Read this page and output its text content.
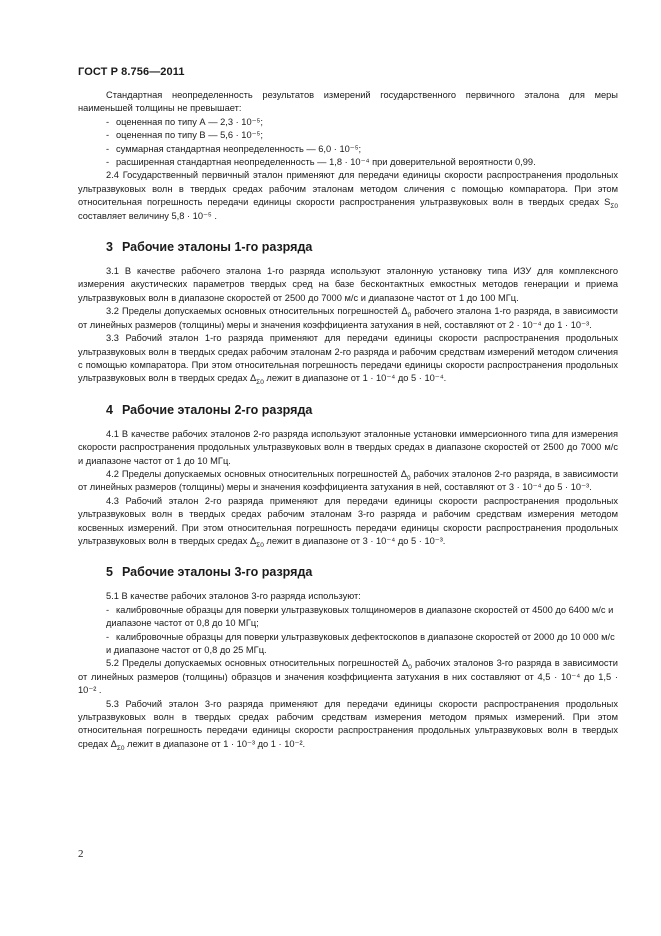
ГОСТ Р 8.756—2011

Стандартная неопределенность результатов измерений государственного первичного эталона для меры наименьшей толщины не превышает:

- оцененная по типу А — 2,3 · 10⁻⁵;
- оцененная по типу В — 5,6 · 10⁻⁵;
- суммарная стандартная неопределенность — 6,0 · 10⁻⁵;
- расширенная стандартная неопределенность — 1,8 · 10⁻⁴ при доверительной вероятности 0,99.

2.4 Государственный первичный эталон применяют для передачи единицы скорости распространения продольных ультразвуковых волн в твердых средах рабочим эталонам методом сличения с помощью компаратора. При этом относительная погрешность передачи единицы скорости распространения ультразвуковых волн в твердых средах $S_{\Sigma 0}$ составляет величину 5,8 · 10⁻⁵ .

3 Рабочие эталоны 1-го разряда

3.1 В качестве рабочего эталона 1-го разряда используют эталонную установку типа ИЗУ для комплексного измерения акустических параметров твердых сред на базе бесконтактных емкостных методов генерации и приема ультразвуковых волн в диапазоне скоростей от 2500 до 7000 м/с и диапазоне частот от 1 до 100 МГц.

3.2 Пределы допускаемых основных относительных погрешностей $\Delta_0$ рабочего эталона 1-го разряда, в зависимости от линейных размеров (толщины) меры и значения коэффициента затухания в ней, составляют от 2 · 10⁻⁴ до 1 · 10⁻³.

3.3 Рабочий эталон 1-го разряда применяют для передачи единицы скорости распространения продольных ультразвуковых волн в твердых средах рабочим эталонам 2-го разряда и рабочим средствам измерений методом сличения с помощью компаратора. При этом относительная погрешность передачи единицы скорости распространения продольных ультразвуковых волн в твердых средах $\Delta_{\Sigma 0}$ лежит в диапазоне от 1 · 10⁻⁴ до 5 · 10⁻⁴.

4 Рабочие эталоны 2-го разряда

4.1 В качестве рабочих эталонов 2-го разряда используют эталонные установки иммерсионного типа для измерения скорости распространения продольных ультразвуковых волн в твердых средах в диапазоне скоростей от 2500 до 7000 м/с и диапазоне частот от 1 до 10 МГц.

4.2 Пределы допускаемых основных относительных погрешностей $\Delta_0$ рабочих эталонов 2-го разряда, в зависимости от линейных размеров (толщины) меры и значения коэффициента затухания в ней, составляют от 3 · 10⁻⁴ до 5 · 10⁻³.

4.3 Рабочий эталон 2-го разряда применяют для передачи единицы скорости распространения продольных ультразвуковых волн в твердых средах рабочим эталонам 3-го разряда и рабочим средствам измерения методом косвенных измерений. При этом относительная погрешность передачи единицы скорости распространения продольных ультразвуковых волн в твердых средах $\Delta_{\Sigma 0}$ лежит в диапазоне от 3 · 10⁻⁴ до 5 · 10⁻³.

5 Рабочие эталоны 3-го разряда

5.1 В качестве рабочих эталонов 3-го разряда используют:

- калибровочные образцы для поверки ультразвуковых толщиномеров в диапазоне скоростей от 4500 до 6400 м/с и диапазоне частот от 0,8 до 10 МГц;
- калибровочные образцы для поверки ультразвуковых дефектоскопов в диапазоне скоростей от 2000 до 10 000 м/с и диапазоне частот от 0,8 до 25 МГц.

5.2 Пределы допускаемых основных относительных погрешностей $\Delta_0$ рабочих эталонов 3-го разряда в зависимости от линейных размеров (толщины) образцов и значения коэффициента затухания в них составляют от 4,5 · 10⁻⁴ до 1,5 · 10⁻² .

5.3 Рабочий эталон 3-го разряда применяют для передачи единицы скорости распространения продольных ультразвуковых волн в твердых средах рабочим средствам измерения методом прямых измерений. При этом относительная погрешность передачи единицы скорости распространения продольных ультразвуковых волн в твердых средах $\Delta_{\Sigma 0}$ лежит в диапазоне от 1 · 10⁻³ до 1 · 10⁻².

2
